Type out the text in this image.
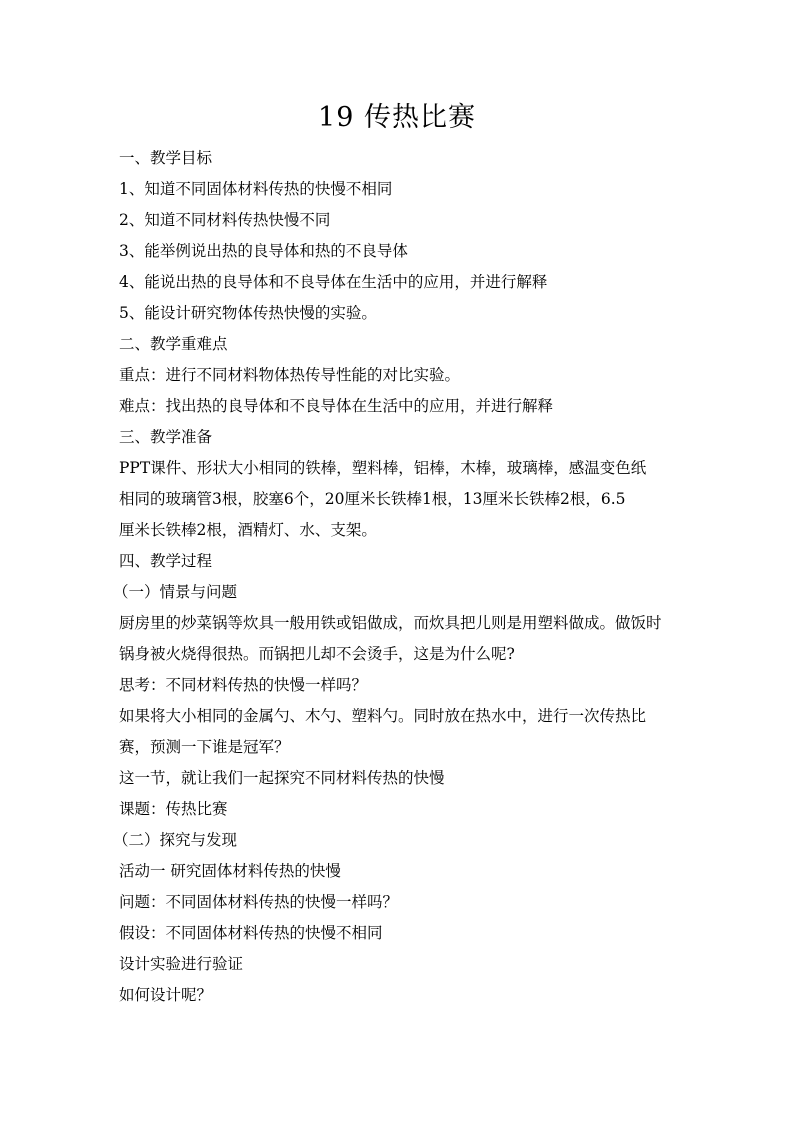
19 传热比赛
一、教学目标
1、知道不同固体材料传热的快慢不相同
2、知道不同材料传热快慢不同
3、能举例说出热的良导体和热的不良导体
4、能说出热的良导体和不良导体在生活中的应用，并进行解释
5、能设计研究物体传热快慢的实验。
二、教学重难点
重点：进行不同材料物体热传导性能的对比实验。
难点：找出热的良导体和不良导体在生活中的应用，并进行解释
三、教学准备
PPT课件、形状大小相同的铁棒，塑料棒，铝棒，木棒，玻璃棒，感温变色纸
相同的玻璃管3根，胶塞6个，20厘米长铁棒1根，13厘米长铁棒2根，6.5
厘米长铁棒2根，酒精灯、水、支架。
四、教学过程
（一）情景与问题
厨房里的炒菜锅等炊具一般用铁或铝做成，而炊具把儿则是用塑料做成。做饭时
锅身被火烧得很热。而锅把儿却不会烫手，这是为什么呢?
思考：不同材料传热的快慢一样吗？
如果将大小相同的金属勺、木勺、塑料勺。同时放在热水中，进行一次传热比
赛，预测一下谁是冠军？
这一节，就让我们一起探究不同材料传热的快慢
课题：传热比赛
（二）探究与发现
活动一 研究固体材料传热的快慢
问题：不同固体材料传热的快慢一样吗？
假设：不同固体材料传热的快慢不相同
设计实验进行验证
如何设计呢？
